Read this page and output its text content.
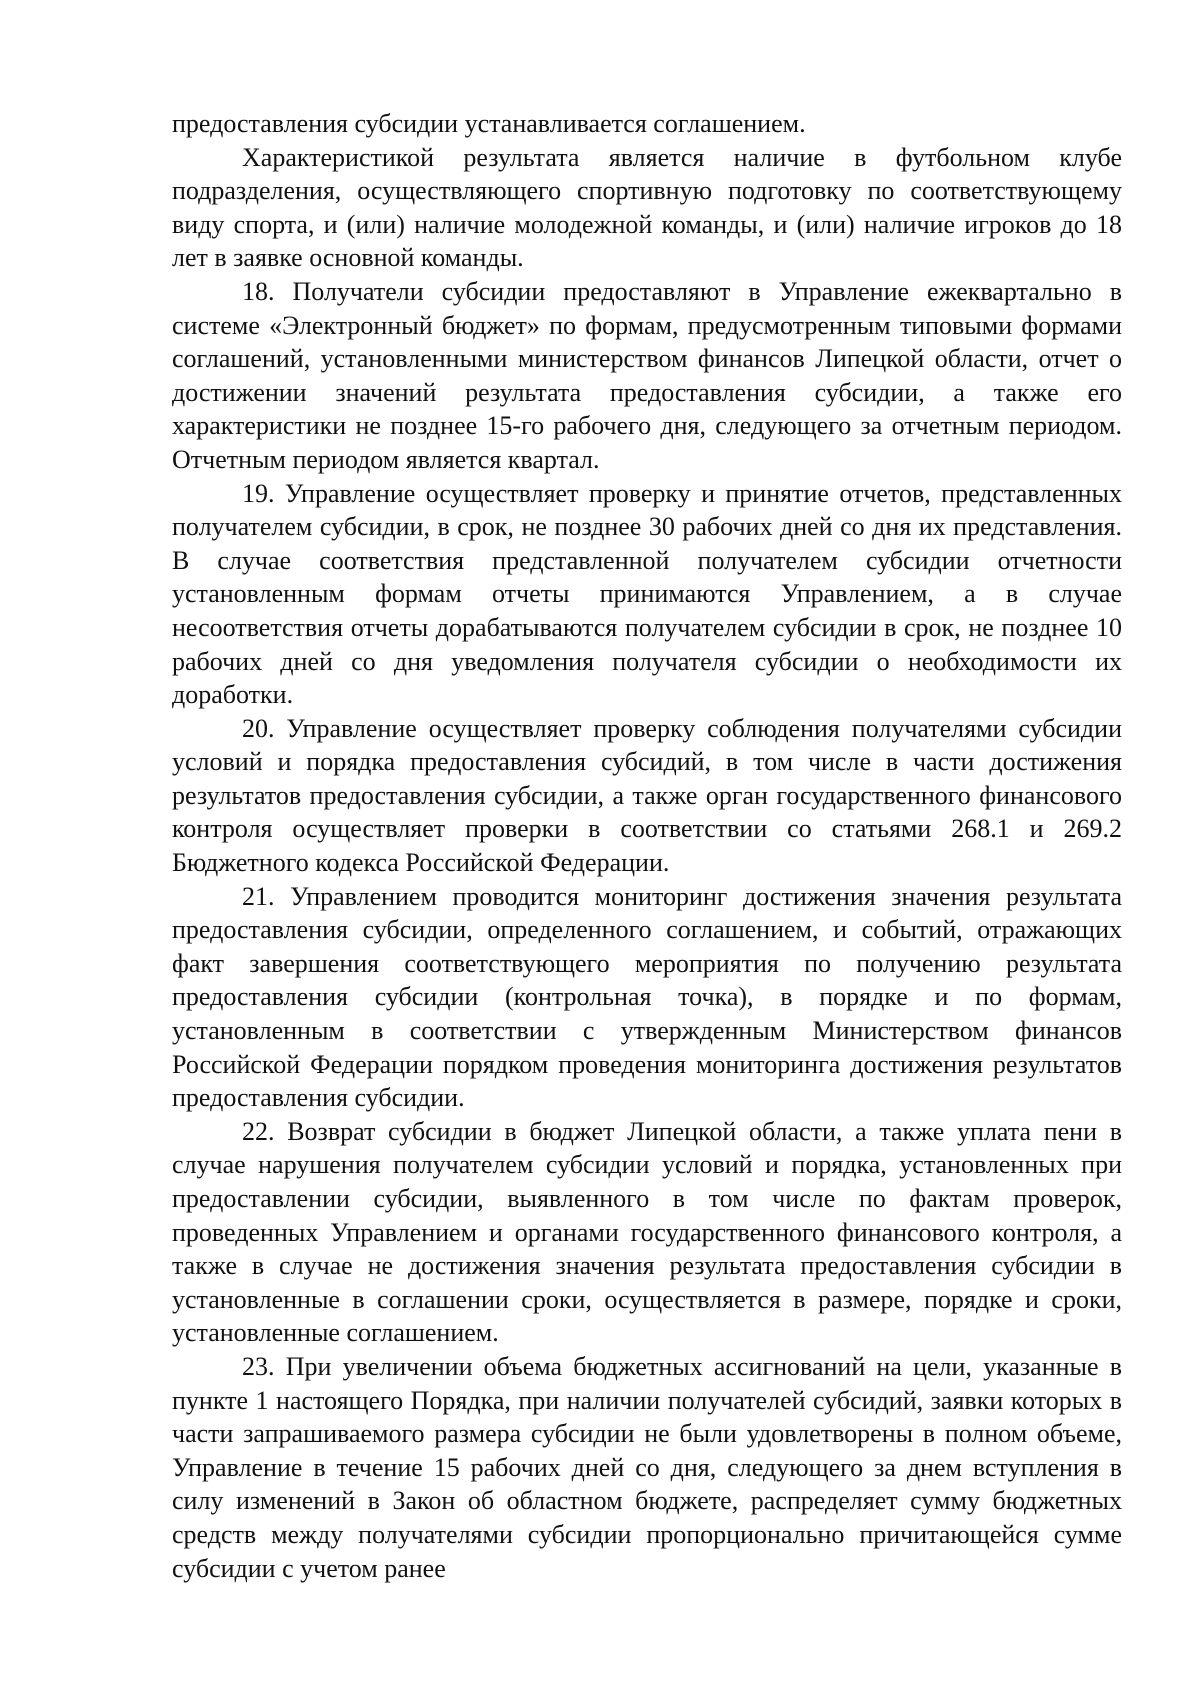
предоставления субсидии устанавливается соглашением.

Характеристикой результата является наличие в футбольном клубе подразделения, осуществляющего спортивную подготовку по соответствующему виду спорта, и (или) наличие молодежной команды, и (или) наличие игроков до 18 лет в заявке основной команды.

18. Получатели субсидии предоставляют в Управление ежеквартально в системе «Электронный бюджет» по формам, предусмотренным типовыми формами соглашений, установленными министерством финансов Липецкой области, отчет о достижении значений результата предоставления субсидии, а также его характеристики не позднее 15-го рабочего дня, следующего за отчетным периодом. Отчетным периодом является квартал.

19. Управление осуществляет проверку и принятие отчетов, представленных получателем субсидии, в срок, не позднее 30 рабочих дней со дня их представления. В случае соответствия представленной получателем субсидии отчетности установленным формам отчеты принимаются Управлением, а в случае несоответствия отчеты дорабатываются получателем субсидии в срок, не позднее 10 рабочих дней со дня уведомления получателя субсидии о необходимости их доработки.

20. Управление осуществляет проверку соблюдения получателями субсидии условий и порядка предоставления субсидий, в том числе в части достижения результатов предоставления субсидии, а также орган государственного финансового контроля осуществляет проверки в соответствии со статьями 268.1 и 269.2 Бюджетного кодекса Российской Федерации.

21. Управлением проводится мониторинг достижения значения результата предоставления субсидии, определенного соглашением, и событий, отражающих факт завершения соответствующего мероприятия по получению результата предоставления субсидии (контрольная точка), в порядке и по формам, установленным в соответствии с утвержденным Министерством финансов Российской Федерации порядком проведения мониторинга достижения результатов предоставления субсидии.

22. Возврат субсидии в бюджет Липецкой области, а также уплата пени в случае нарушения получателем субсидии условий и порядка, установленных при предоставлении субсидии, выявленного в том числе по фактам проверок, проведенных Управлением и органами государственного финансового контроля, а также в случае не достижения значения результата предоставления субсидии в установленные в соглашении сроки, осуществляется в размере, порядке и сроки, установленные соглашением.

23. При увеличении объема бюджетных ассигнований на цели, указанные в пункте 1 настоящего Порядка, при наличии получателей субсидий, заявки которых в части запрашиваемого размера субсидии не были удовлетворены в полном объеме, Управление в течение 15 рабочих дней со дня, следующего за днем вступления в силу изменений в Закон об областном бюджете, распределяет сумму бюджетных средств между получателями субсидии пропорционально причитающейся сумме субсидии с учетом ранее
